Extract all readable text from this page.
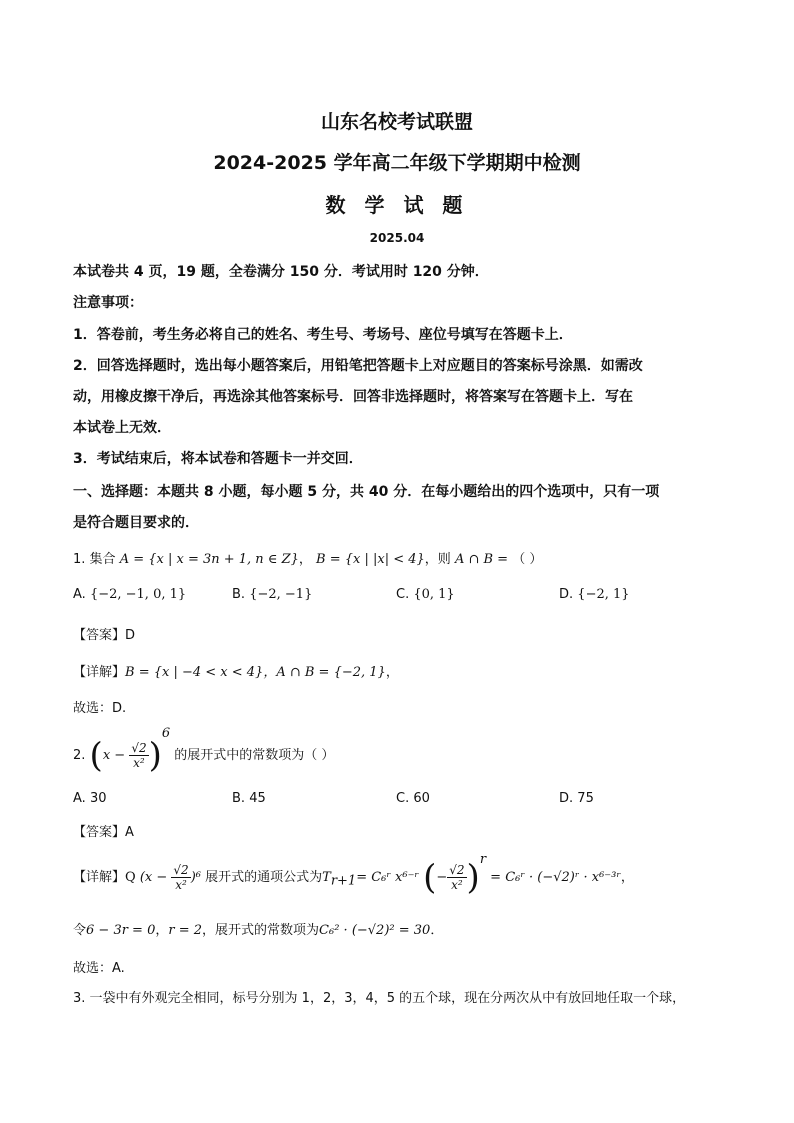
山东名校考试联盟
2024-2025 学年高二年级下学期期中检测
数 学 试 题
2025.04
本试卷共 4 页，19 题，全卷满分 150 分．考试用时 120 分钟．
注意事项：
1．答卷前，考生务必将自己的姓名、考生号、考场号、座位号填写在答题卡上．
2．回答选择题时，选出每小题答案后，用铅笔把答题卡上对应题目的答案标号涂黑．如需改
动，用橡皮擦干净后，再选涂其他答案标号．回答非选择题时，将答案写在答题卡上．写在
本试卷上无效．
3．考试结束后，将本试卷和答题卡一并交回．
一、选择题：本题共 8 小题，每小题 5 分，共 40 分．在每小题给出的四个选项中，只有一项
是符合题目要求的．
1. 集合 A = {x | x = 3n + 1, n ∈ Z}， B = {x | |x| < 4}，则 A ∩ B = （ ）
A. {−2, −1, 0, 1}	B. {−2, −1}	C. {0, 1}	D. {−2, 1}
【答案】D
【详解】B = {x | −4 < x < 4}，A ∩ B = {−2, 1}，
故选：D.
2. $(x - \frac{√2}{\text{x²}} )^6$ 的展开式中的常数项为（ ）
A. 30	B. 45	C. 60	D. 75
【答案】A
【详解】Q $(x - \frac{√2}{\text{x²}} )^6$ 展开式的通项公式为$T_{r+1}=$ C₆ʳ x⁶⁻ʳ (− $\frac{√2}{\text{x²}} )^r$ = C₆ʳ · (−√2)ʳ · x⁶⁻³ʳ，
令6 − 3r = 0，r = 2，展开式的常数项为C₆² · (−√2)² = 30．
故选：A.
3. 一袋中有外观完全相同，标号分别为 1，2，3，4，5 的五个球，现在分两次从中有放回地任取一个球，
